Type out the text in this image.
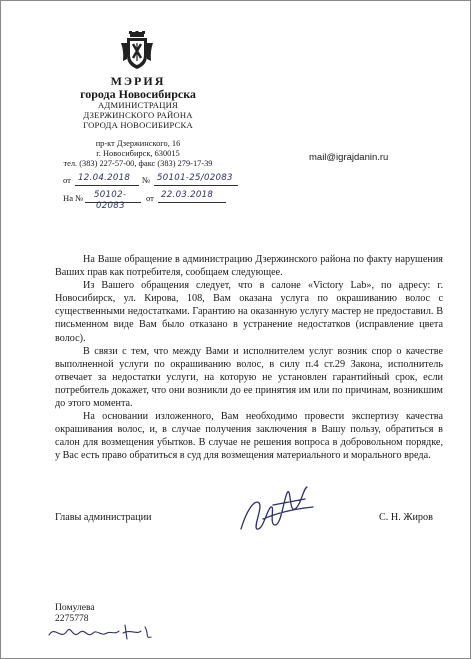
МЭРИЯ
города Новосибирска
АДМИНИСТРАЦИЯ
ДЗЕРЖИНСКОГО РАЙОНА
ГОРОДА НОВОСИБИРСКА
пр-кт Дзержинского, 16
г. Новосибирск, 630015
тел. (383) 227-57-00, факс (383) 279-17-39
mail@igrajdanin.ru
от 12.04.2018 № 50101-25/02083
На № 50102-
02083
от 22.03.2018

На Ваше обращение в администрацию Дзержинского района по факту нарушения Ваших прав как потребителя, сообщаем следующее.

Из Вашего обращения следует, что в салоне «Victory Lab», по адресу: г. Новосибирск, ул. Кирова, 108, Вам оказана услуга по окрашиванию волос с существенными недостатками. Гарантию на оказанную услугу мастер не предоставил. В письменном виде Вам было отказано в устранение недостатков (исправление цвета волос).

В связи с тем, что между Вами и исполнителем услуг возник спор о качестве выполненной услуги по окрашиванию волос, в силу п.4 ст.29 Закона, исполнитель отвечает за недостатки услуги, на которую не установлен гарантийный срок, если потребитель докажет, что они возникли до ее принятия им или по причинам, возникшим до этого момента.

На основании изложенного, Вам необходимо провести экспертизу качества окрашивания волос, и, в случае получения заключения в Вашу пользу, обратиться в салон для возмещения убытков. В случае не решения вопроса в добровольном порядке, у Вас есть право обратиться в суд для возмещения материального и морального вреда.

Главы администрации	С. Н. Жиров
Помулева
2275778
